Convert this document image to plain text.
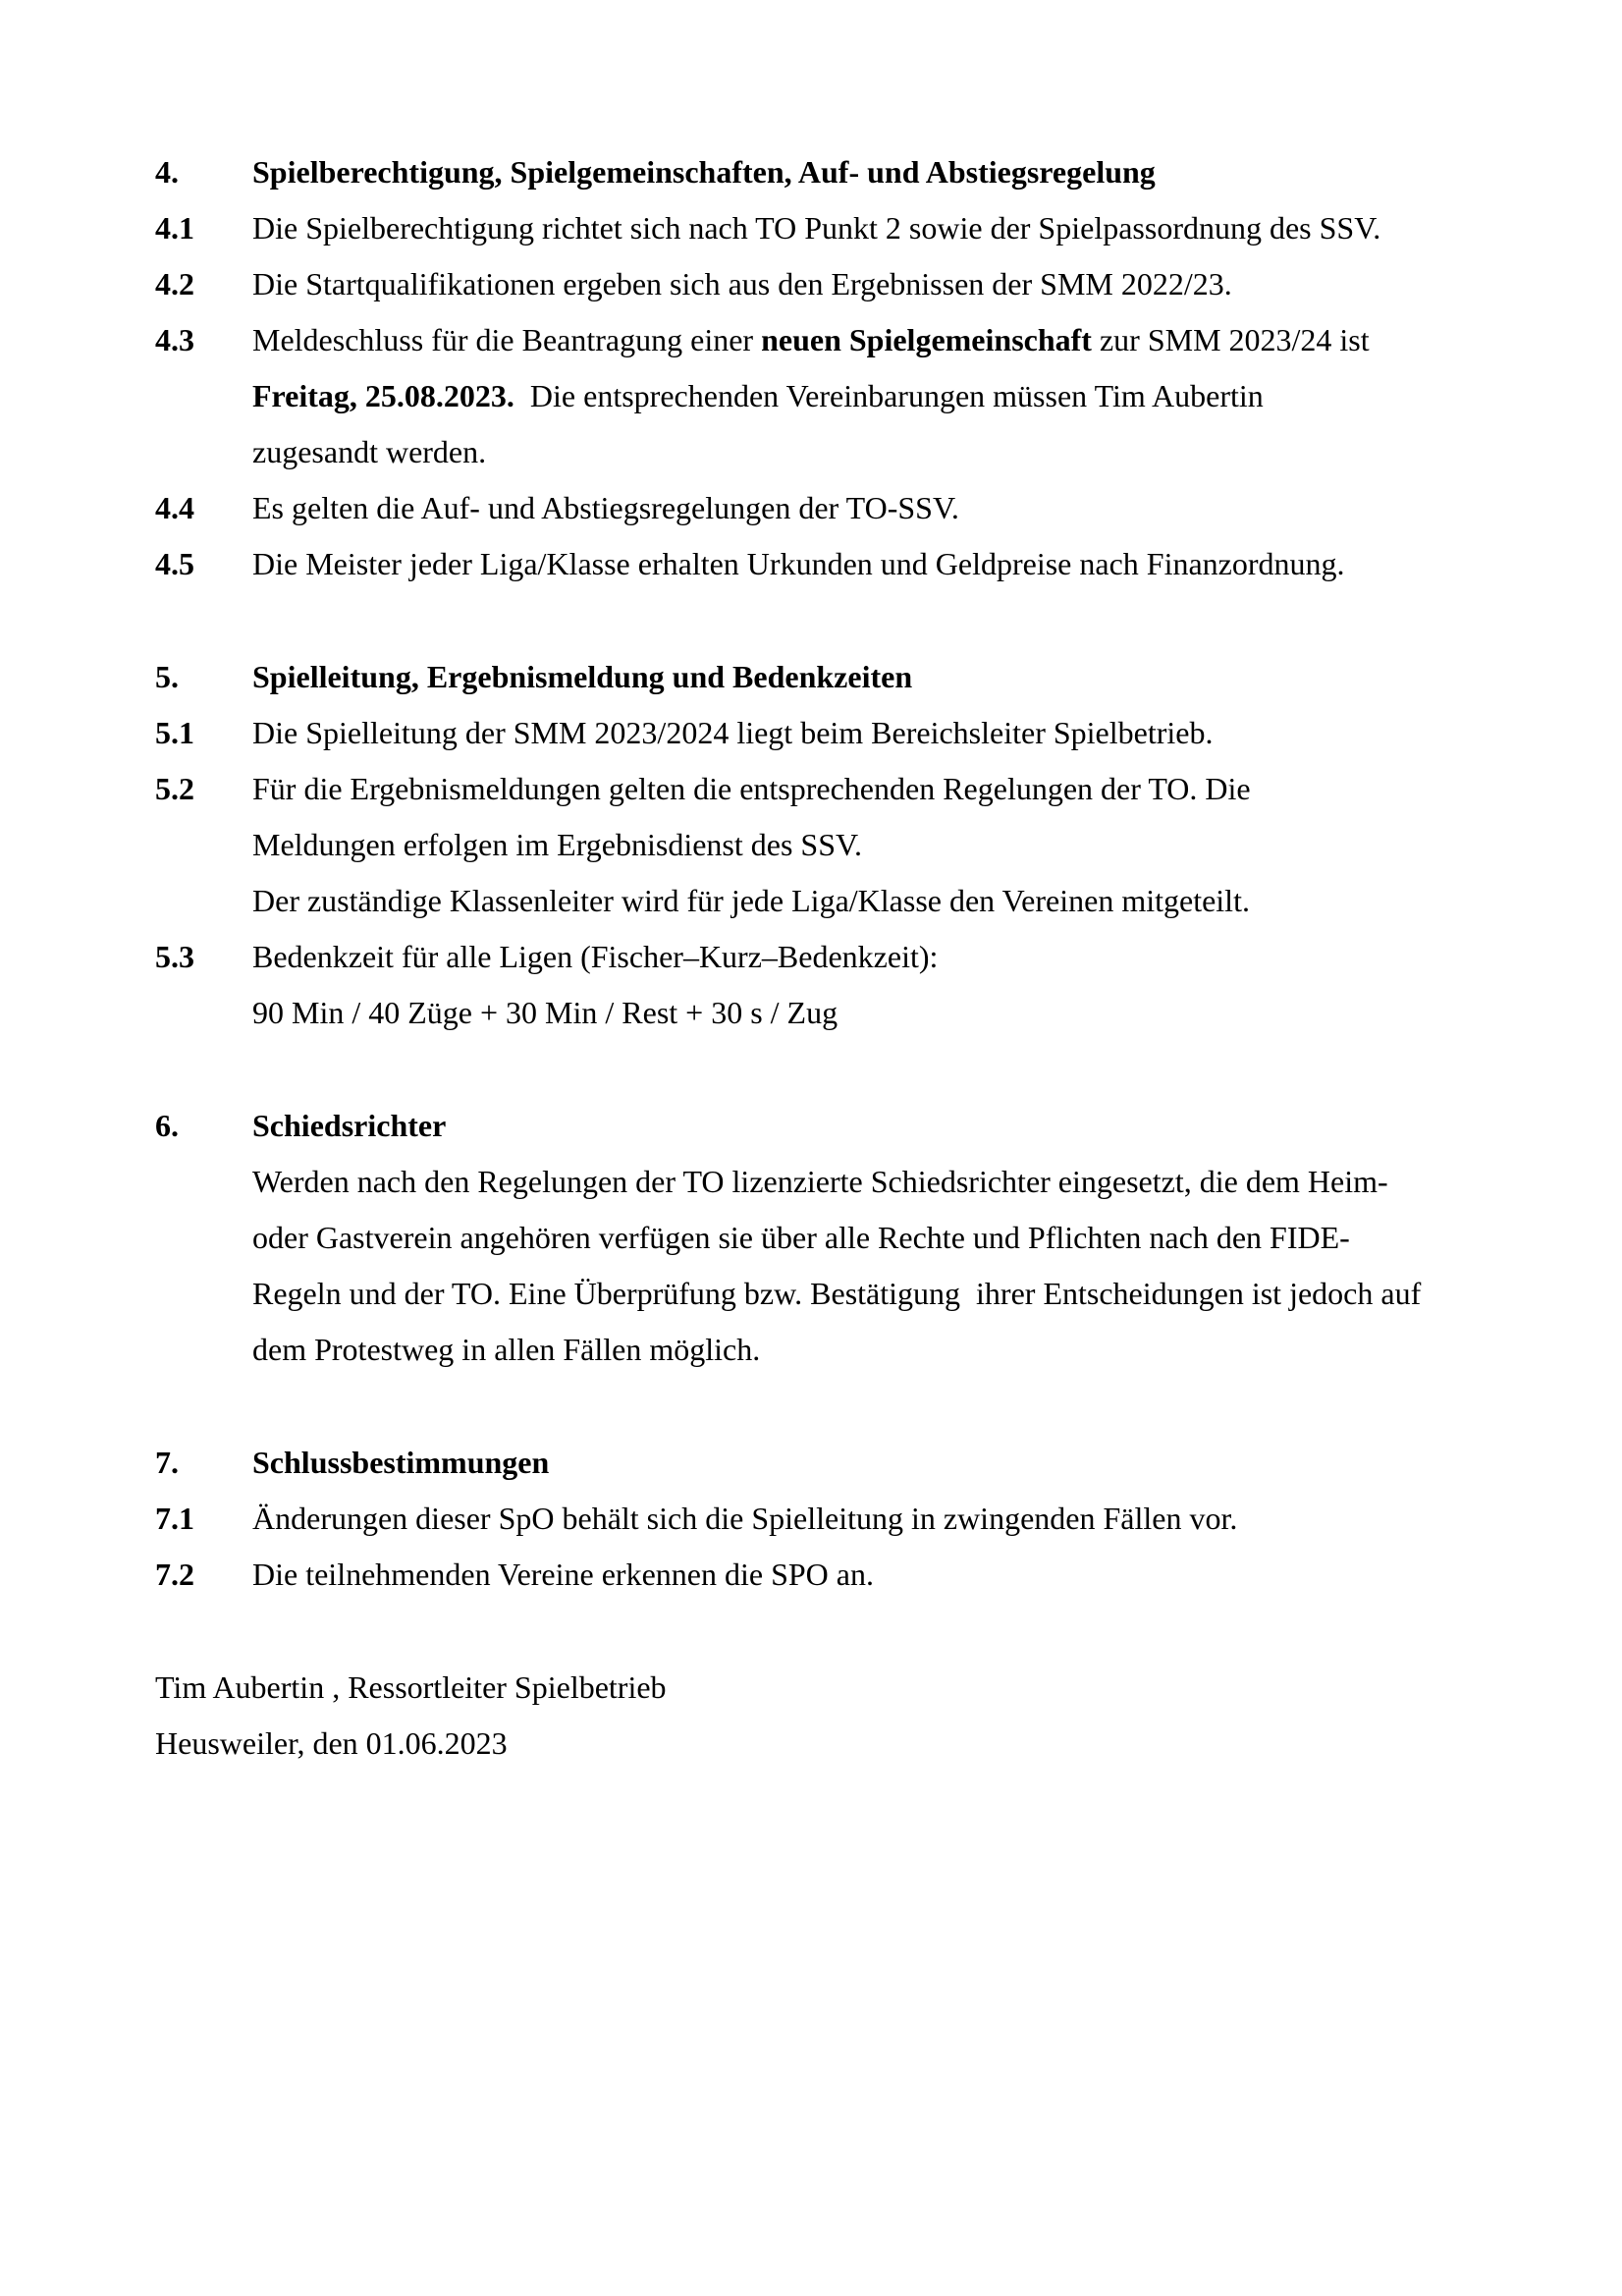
4. Spielberechtigung, Spielgemeinschaften, Auf- und Abstiegsregelung
4.1 Die Spielberechtigung richtet sich nach TO Punkt 2 sowie der Spielpassordnung des SSV.
4.2 Die Startqualifikationen ergeben sich aus den Ergebnissen der SMM 2022/23.
4.3 Meldeschluss für die Beantragung einer neuen Spielgemeinschaft zur SMM 2023/24 ist
Freitag, 25.08.2023.  Die entsprechenden Vereinbarungen müssen Tim Aubertin
zugesandt werden.
4.4 Es gelten die Auf- und Abstiegsregelungen der TO-SSV.
4.5 Die Meister jeder Liga/Klasse erhalten Urkunden und Geldpreise nach Finanzordnung.
5. Spielleitung, Ergebnismeldung und Bedenkzeiten
5.1 Die Spielleitung der SMM 2023/2024 liegt beim Bereichsleiter Spielbetrieb.
5.2 Für die Ergebnismeldungen gelten die entsprechenden Regelungen der TO. Die
Meldungen erfolgen im Ergebnisdienst des SSV.
Der zuständige Klassenleiter wird für jede Liga/Klasse den Vereinen mitgeteilt.
5.3 Bedenkzeit für alle Ligen (Fischer–Kurz–Bedenkzeit):
90 Min / 40 Züge + 30 Min / Rest + 30 s / Zug
6. Schiedsrichter
Werden nach den Regelungen der TO lizenzierte Schiedsrichter eingesetzt, die dem Heim-
oder Gastverein angehören verfügen sie über alle Rechte und Pflichten nach den FIDE-
Regeln und der TO. Eine Überprüfung bzw. Bestätigung  ihrer Entscheidungen ist jedoch auf
dem Protestweg in allen Fällen möglich.
7. Schlussbestimmungen
7.1 Änderungen dieser SpO behält sich die Spielleitung in zwingenden Fällen vor.
7.2 Die teilnehmenden Vereine erkennen die SPO an.
Tim Aubertin , Ressortleiter Spielbetrieb
Heusweiler, den 01.06.2023
